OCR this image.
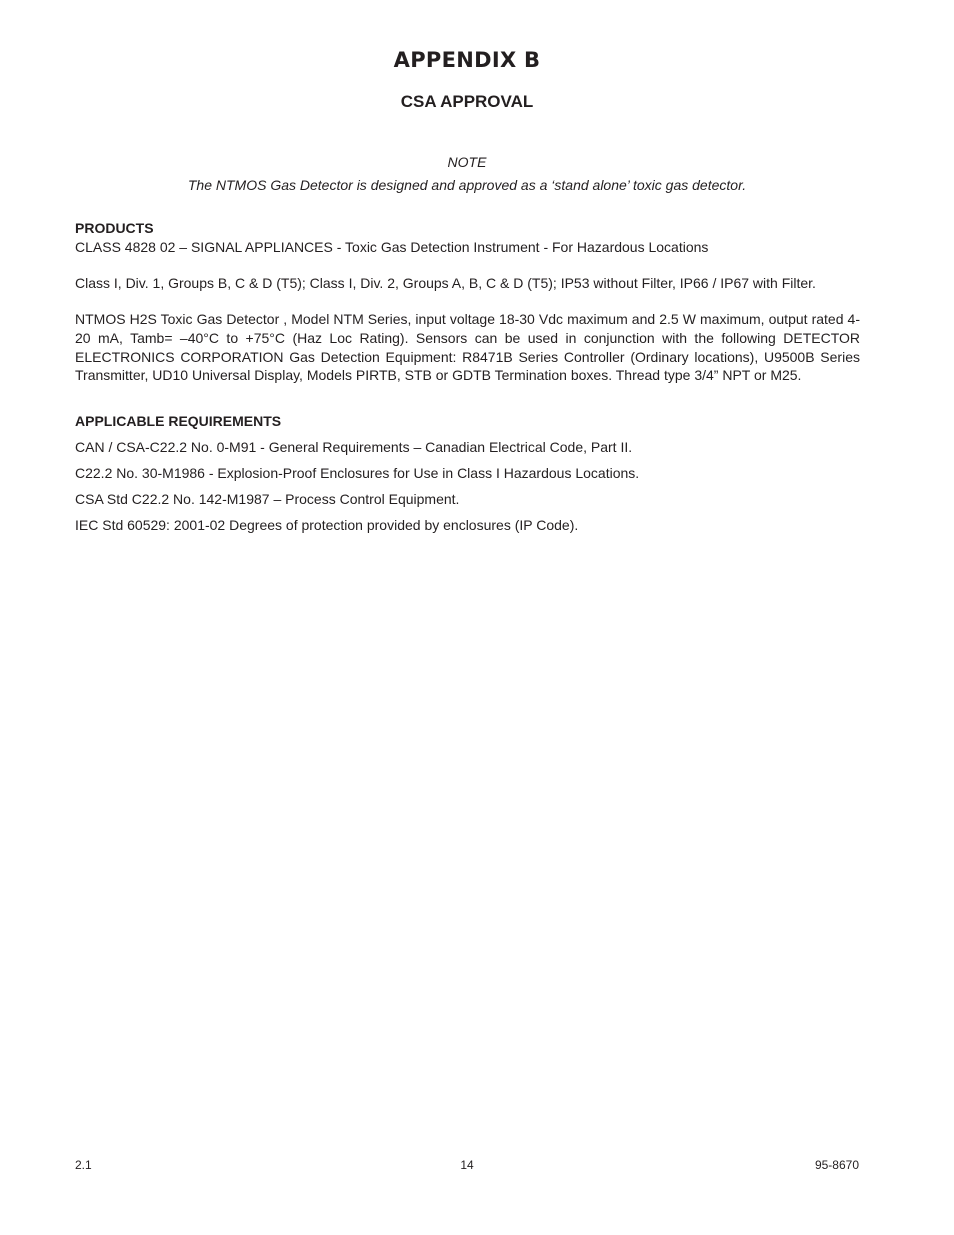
APPENDIX B
CSA APPROVAL
NOTE
The NTMOS Gas Detector is designed and approved as a ‘stand alone’ toxic gas detector.
PRODUCTS

CLASS 4828 02 – SIGNAL APPLIANCES - Toxic Gas Detection Instrument - For Hazardous Locations

Class I, Div. 1, Groups B, C & D (T5); Class I, Div. 2, Groups A, B, C & D (T5); IP53 without Filter, IP66 / IP67 with Filter.

NTMOS H2S Toxic Gas Detector , Model NTM Series, input voltage 18-30 Vdc maximum and 2.5 W maximum, output rated 4-20 mA, Tamb= –40°C to +75°C (Haz Loc Rating). Sensors can be used in conjunction with the following DETECTOR ELECTRONICS CORPORATION Gas Detection Equipment: R8471B Series Controller (Ordinary locations), U9500B Series Transmitter, UD10 Universal Display, Models PIRTB, STB or GDTB Termination boxes. Thread type 3/4” NPT or M25.

APPLICABLE REQUIREMENTS
CAN / CSA-C22.2 No. 0-M91 - General Requirements – Canadian Electrical Code, Part II.
C22.2 No. 30-M1986 - Explosion-Proof Enclosures for Use in Class I Hazardous Locations.
CSA Std C22.2 No. 142-M1987 – Process Control Equipment.
IEC Std 60529: 2001-02 Degrees of protection provided by enclosures (IP Code).
2.1	14	95-8670
